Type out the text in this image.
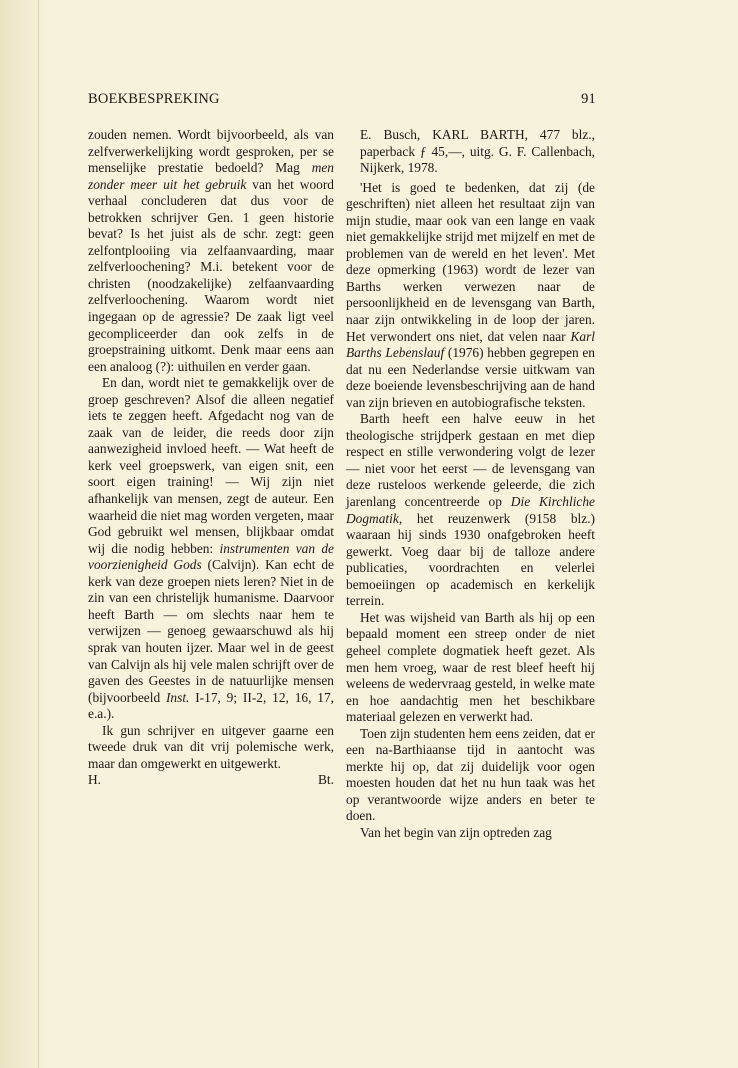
BOEKBESPREKING	91

zouden nemen. Wordt bijvoorbeeld, als van zelfverwerkelijking wordt gesproken, per se menselijke prestatie bedoeld? Mag men zonder meer uit het gebruik van het woord verhaal concluderen dat dus voor de betrokken schrijver Gen. 1 geen historie bevat? Is het juist als de schr. zegt: geen zelfontplooiing via zelfaanvaarding, maar zelfverloochening? M.i. betekent voor de christen (noodzakelijke) zelfaanvaarding zelfverloochening. Waarom wordt niet ingegaan op de agressie? De zaak ligt veel gecompliceerder dan ook zelfs in de groepstraining uitkomt. Denk maar eens aan een analoog (?): uithuilen en verder gaan.

En dan, wordt niet te gemakkelijk over de groep geschreven? Alsof die alleen negatief iets te zeggen heeft. Afgedacht nog van de zaak van de leider, die reeds door zijn aanwezigheid invloed heeft. — Wat heeft de kerk veel groepswerk, van eigen snit, een soort eigen training! — Wij zijn niet afhankelijk van mensen, zegt de auteur. Een waarheid die niet mag worden vergeten, maar God gebruikt wel mensen, blijkbaar omdat wij die nodig hebben: instrumenten van de voorzienigheid Gods (Calvijn). Kan echt de kerk van deze groepen niets leren? Niet in de zin van een christelijk humanisme. Daarvoor heeft Barth — om slechts naar hem te verwijzen — genoeg gewaarschuwd als hij sprak van houten ijzer. Maar wel in de geest van Calvijn als hij vele malen schrijft over de gaven des Geestes in de natuurlijke mensen (bijvoorbeeld Inst. I-17, 9; II-2, 12, 16, 17, e.a.).

Ik gun schrijver en uitgever gaarne een tweede druk van dit vrij polemische werk, maar dan omgewerkt en uitgewerkt.

H.	Bt.

E. Busch, KARL BARTH, 477 blz., paperback ƒ 45,—, uitg. G. F. Callenbach, Nijkerk, 1978.

'Het is goed te bedenken, dat zij (de geschriften) niet alleen het resultaat zijn van mijn studie, maar ook van een lange en vaak niet gemakkelijke strijd met mijzelf en met de problemen van de wereld en het leven'. Met deze opmerking (1963) wordt de lezer van Barths werken verwezen naar de persoonlijkheid en de levensgang van Barth, naar zijn ontwikkeling in de loop der jaren. Het verwondert ons niet, dat velen naar Karl Barths Lebenslauf (1976) hebben gegrepen en dat nu een Nederlandse versie uitkwam van deze boeiende levensbeschrijving aan de hand van zijn brieven en autobiografische teksten.

Barth heeft een halve eeuw in het theologische strijdperk gestaan en met diep respect en stille verwondering volgt de lezer — niet voor het eerst — de levensgang van deze rusteloos werkende geleerde, die zich jarenlang concentreerde op Die Kirchliche Dogmatik, het reuzenwerk (9158 blz.) waaraan hij sinds 1930 onafgebroken heeft gewerkt. Voeg daar bij de talloze andere publicaties, voordrachten en velerlei bemoeiingen op academisch en kerkelijk terrein.

Het was wijsheid van Barth als hij op een bepaald moment een streep onder de niet geheel complete dogmatiek heeft gezet. Als men hem vroeg, waar de rest bleef heeft hij weleens de wedervraag gesteld, in welke mate en hoe aandachtig men het beschikbare materiaal gelezen en verwerkt had.

Toen zijn studenten hem eens zeiden, dat er een na-Barthiaanse tijd in aantocht was merkte hij op, dat zij duidelijk voor ogen moesten houden dat het nu hun taak was het op verantwoorde wijze anders en beter te doen.

Van het begin van zijn optreden zag
